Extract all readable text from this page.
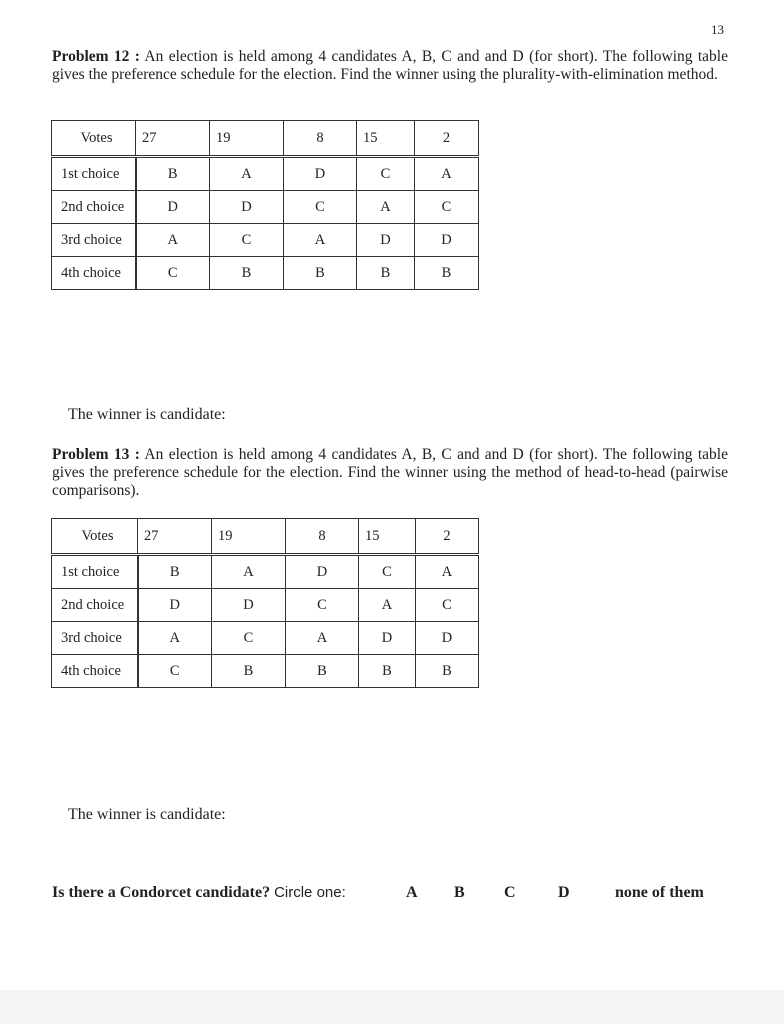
13
Problem 12 : An election is held among 4 candidates A, B, C and and D (for short). The following table gives the preference schedule for the election. Find the winner using the plurality-with-elimination method.
Votes	27	19	8	15	2
1st choice	B	A	D	C	A
2nd choice	D	D	C	A	C
3rd choice	A	C	A	D	D
4th choice	C	B	B	B	B
The winner is candidate:
Problem 13 : An election is held among 4 candidates A, B, C and and D (for short). The following table gives the preference schedule for the election. Find the winner using the method of head-to-head (pairwise comparisons).
Votes	27	19	8	15	2
1st choice	B	A	D	C	A
2nd choice	D	D	C	A	C
3rd choice	A	C	A	D	D
4th choice	C	B	B	B	B
The winner is candidate:
Is there a Condorcet candidate? Circle one:	A B C	D	none of them
